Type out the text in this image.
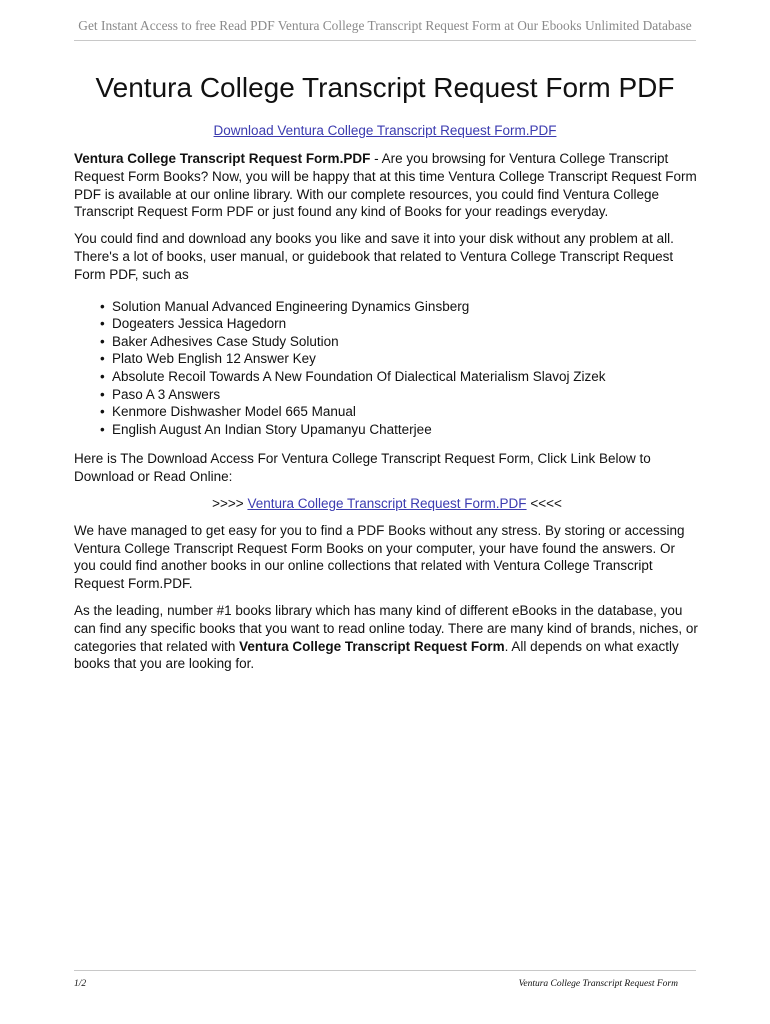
Get Instant Access to free Read PDF Ventura College Transcript Request Form at Our Ebooks Unlimited Database
Ventura College Transcript Request Form PDF
Download Ventura College Transcript Request Form.PDF

Ventura College Transcript Request Form.PDF - Are you browsing for Ventura College Transcript Request Form Books? Now, you will be happy that at this time Ventura College Transcript Request Form PDF is available at our online library. With our complete resources, you could find Ventura College Transcript Request Form PDF or just found any kind of Books for your readings everyday.

You could find and download any books you like and save it into your disk without any problem at all. There's a lot of books, user manual, or guidebook that related to Ventura College Transcript Request Form PDF, such as

• Solution Manual Advanced Engineering Dynamics Ginsberg
• Dogeaters Jessica Hagedorn
• Baker Adhesives Case Study Solution
• Plato Web English 12 Answer Key
• Absolute Recoil Towards A New Foundation Of Dialectical Materialism Slavoj Zizek
• Paso A 3 Answers
• Kenmore Dishwasher Model 665 Manual
• English August An Indian Story Upamanyu Chatterjee

Here is The Download Access For Ventura College Transcript Request Form, Click Link Below to Download or Read Online:

>>>> Ventura College Transcript Request Form.PDF <<<<

We have managed to get easy for you to find a PDF Books without any stress. By storing or accessing Ventura College Transcript Request Form Books on your computer, your have found the answers. Or you could find another books in our online collections that related with Ventura College Transcript Request Form.PDF.

As the leading, number #1 books library which has many kind of different eBooks in the database, you can find any specific books that you want to read online today. There are many kind of brands, niches, or categories that related with Ventura College Transcript Request Form. All depends on what exactly books that you are looking for.

1/2	Ventura College Transcript Request Form
